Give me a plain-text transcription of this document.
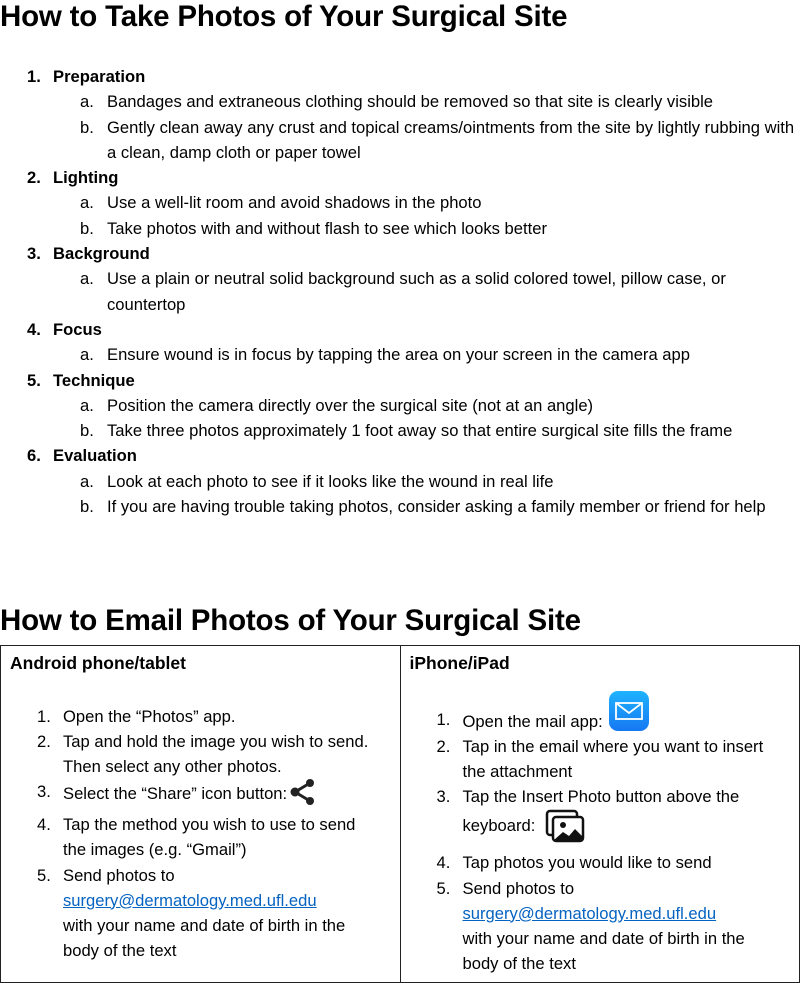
How to Take Photos of Your Surgical Site
1. Preparation
a. Bandages and extraneous clothing should be removed so that site is clearly visible
b. Gently clean away any crust and topical creams/ointments from the site by lightly rubbing with a clean, damp cloth or paper towel
2. Lighting
a. Use a well-lit room and avoid shadows in the photo
b. Take photos with and without flash to see which looks better
3. Background
a. Use a plain or neutral solid background such as a solid colored towel, pillow case, or countertop
4. Focus
a. Ensure wound is in focus by tapping the area on your screen in the camera app
5. Technique
a. Position the camera directly over the surgical site (not at an angle)
b. Take three photos approximately 1 foot away so that entire surgical site fills the frame
6. Evaluation
a. Look at each photo to see if it looks like the wound in real life
b. If you are having trouble taking photos, consider asking a family member or friend for help
How to Email Photos of Your Surgical Site
Android phone/tablet
1. Open the “Photos” app.
2. Tap and hold the image you wish to send. Then select any other photos.
3. Select the “Share” icon button:
4. Tap the method you wish to use to send the images (e.g. “Gmail”)
5. Send photos to
surgery@dermatology.med.ufl.edu
with your name and date of birth in the body of the text

iPhone/iPad
1. Open the mail app:
2. Tap in the email where you want to insert the attachment
3. Tap the Insert Photo button above the keyboard:
4. Tap photos you would like to send
5. Send photos to
surgery@dermatology.med.ufl.edu
with your name and date of birth in the body of the text
